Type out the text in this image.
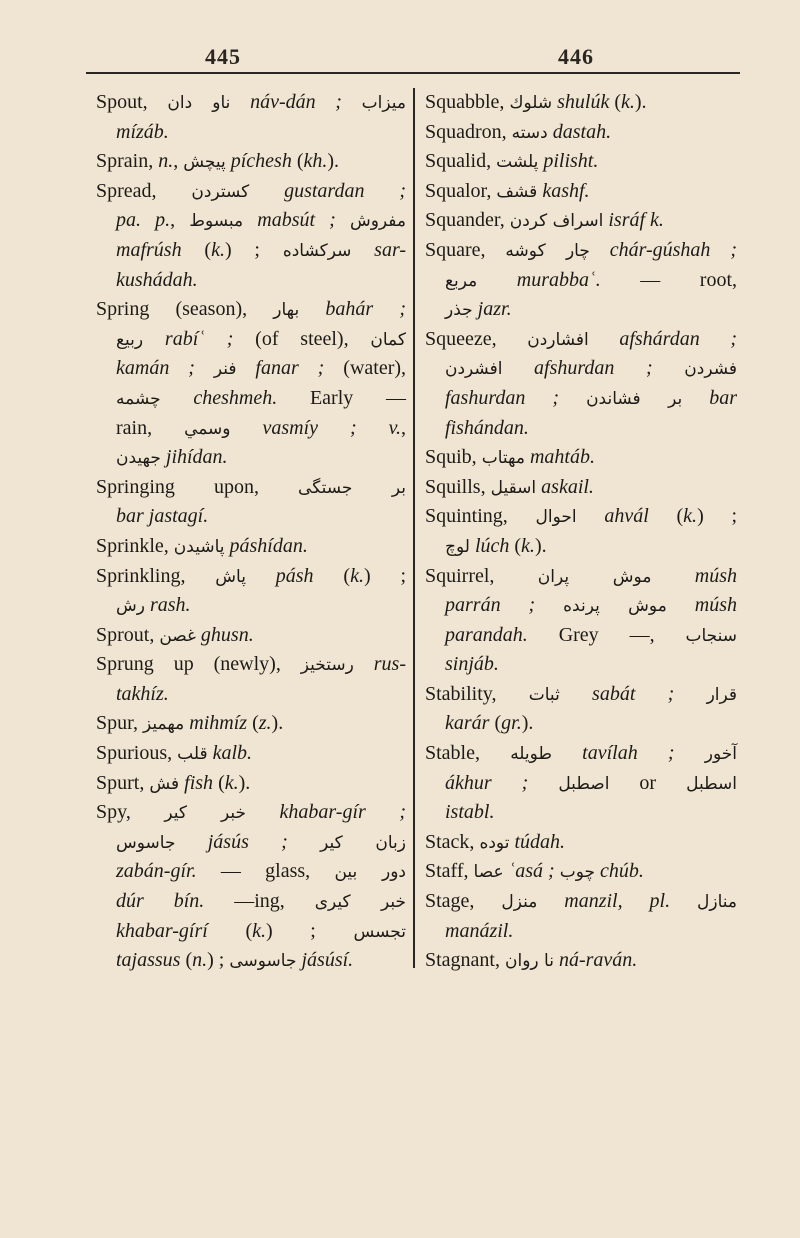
445	446
Spout, ناو دان náv-dán ; ميزاب
mízáb.
Sprain, n., پيچش píchesh (kh.).
Spread, كستردن gustardan ;
pa. p., مبسوط mabsút ; مفروش
mafrúsh (k.) ; سركشاده sar-
kushádah.
Spring (season), بهار bahár ;
ربيع rabíʿ ; (of steel), كمان
kamán ; فنر fanar ; (water),
چشمه cheshmeh. Early —
rain, وسمي vasmíy ; v.,
جهيدن jihídan.
Springing upon, بر جستگی
bar jastagí.
Sprinkle, پاشيدن páshídan.
Sprinkling, پاش pásh (k.) ;
رش rash.
Sprout, غصن ghusn.
Sprung up (newly), رستخيز rus-
takhíz.
Spur, مهميز mihmíz (z.).
Spurious, قلب kalb.
Spurt, فش fish (k.).
Spy, خبر كير khabar-gír ;
جاسوس jásús ; زبان كير
zabán-gír. — glass, دور بين
dúr bín. —ing, خبر كيرى
khabar-gírí (k.) ; تجسس
tajassus (n.) ; جاسوسى jásúsí.
Squabble, شلوك shulúk (k.).
Squadron, دسته dastah.
Squalid, پلشت pilisht.
Squalor, قشف kashf.
Squander, اسراف كردن isráf k.
Square, چار كوشه chár-gúshah ;
مربع murabbaʿ. — root,
جذر jazr.
Squeeze, افشاردن afshárdan ;
افشردن afshurdan ; فشردن
fashurdan ; بر فشاندن bar
fishándan.
Squib, مهتاب mahtáb.
Squills, اسقيل askail.
Squinting, احوال ahvál (k.) ;
لوچ lúch (k.).
Squirrel, موش پران músh
parrán ; موش پرنده músh
parandah. Grey —, سنجاب
sinjáb.
Stability, ثبات sabát ; قرار
karár (gr.).
Stable, طويله tavílah ; آخور
ákhur ; اصطبل or اسطبل
istabl.
Stack, توده túdah.
Staff, عصا ʿasá ; چوب chúb.
Stage, منزل manzil, pl. منازل
manázil.
Stagnant, نا روان ná-raván.
